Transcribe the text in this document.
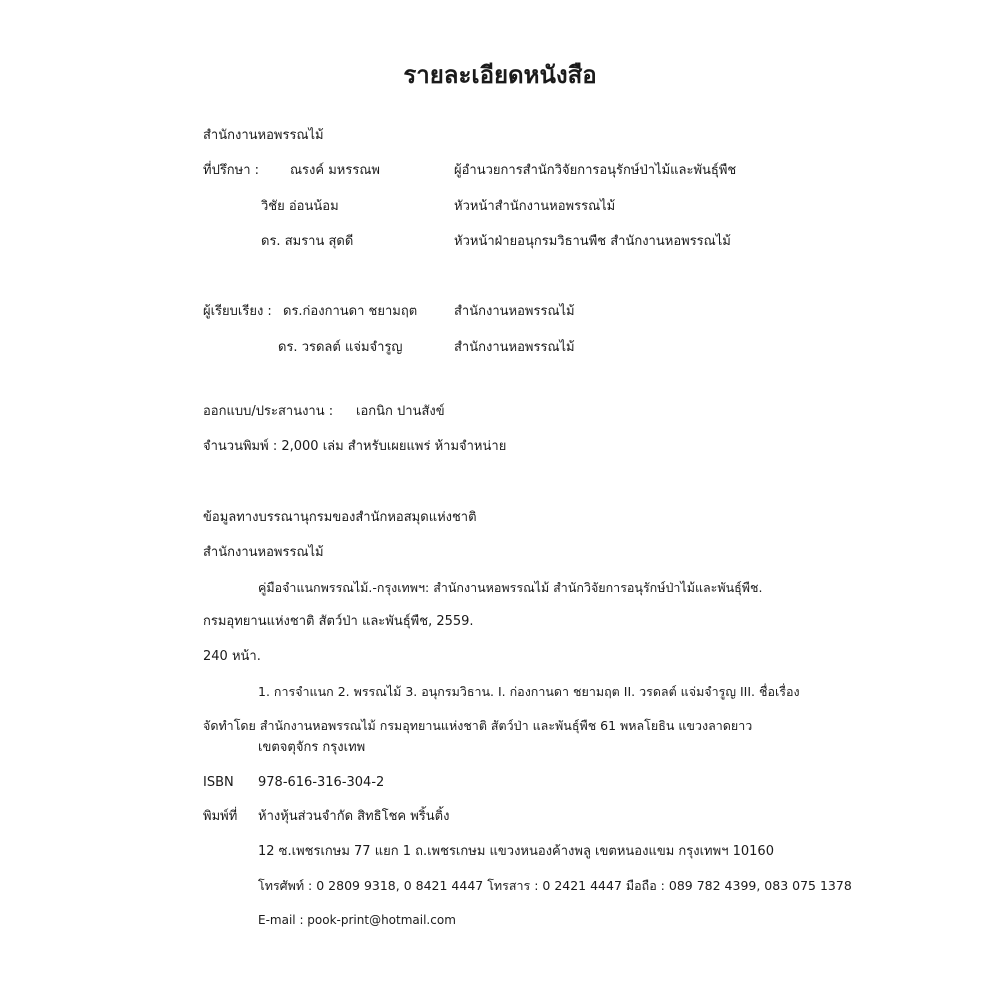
รายละเอียดหนังสือ
สำนักงานหอพรรณไม้
ที่ปรึกษา : ณรงค์ มหรรณพ	ผู้อำนวยการสำนักวิจัยการอนุรักษ์ป่าไม้และพันธุ์พืช
วิชัย อ่อนน้อม	หัวหน้าสำนักงานหอพรรณไม้
ดร. สมราน สุดดี	หัวหน้าฝ่ายอนุกรมวิธานพืช สำนักงานหอพรรณไม้
ผู้เรียบเรียง : ดร.ก่องกานดา ชยามฤต	สำนักงานหอพรรณไม้
ดร. วรดลต์ แจ่มจำรูญ	สำนักงานหอพรรณไม้
ออกแบบ/ประสานงาน : เอกนิก ปานสังข์
จำนวนพิมพ์ : 2,000 เล่ม สำหรับเผยแพร่ ห้ามจำหน่าย
ข้อมูลทางบรรณานุกรมของสำนักหอสมุดแห่งชาติ
สำนักงานหอพรรณไม้
คู่มือจำแนกพรรณไม้.-กรุงเทพฯ: สำนักงานหอพรรณไม้ สำนักวิจัยการอนุรักษ์ป่าไม้และพันธุ์พืช.
กรมอุทยานแห่งชาติ สัตว์ป่า และพันธุ์พืช, 2559.
240 หน้า.
1. การจำแนก 2. พรรณไม้ 3. อนุกรมวิธาน. I. ก่องกานดา ชยามฤต II. วรดลต์ แจ่มจำรูญ III. ชื่อเรื่อง
จัดทำโดย สำนักงานหอพรรณไม้ กรมอุทยานแห่งชาติ สัตว์ป่า และพันธุ์พืช 61 พหลโยธิน แขวงลาดยาว
เขตจตุจักร กรุงเทพ
ISBN 978-616-316-304-2
พิมพ์ที่ ห้างหุ้นส่วนจำกัด สิทธิโชค พริ้นติ้ง
12 ซ.เพชรเกษม 77 แยก 1 ถ.เพชรเกษม แขวงหนองค้างพลู เขตหนองแขม กรุงเทพฯ 10160
โทรศัพท์ : 0 2809 9318, 0 8421 4447 โทรสาร : 0 2421 4447 มือถือ : 089 782 4399, 083 075 1378
E-mail : pook-print@hotmail.com
